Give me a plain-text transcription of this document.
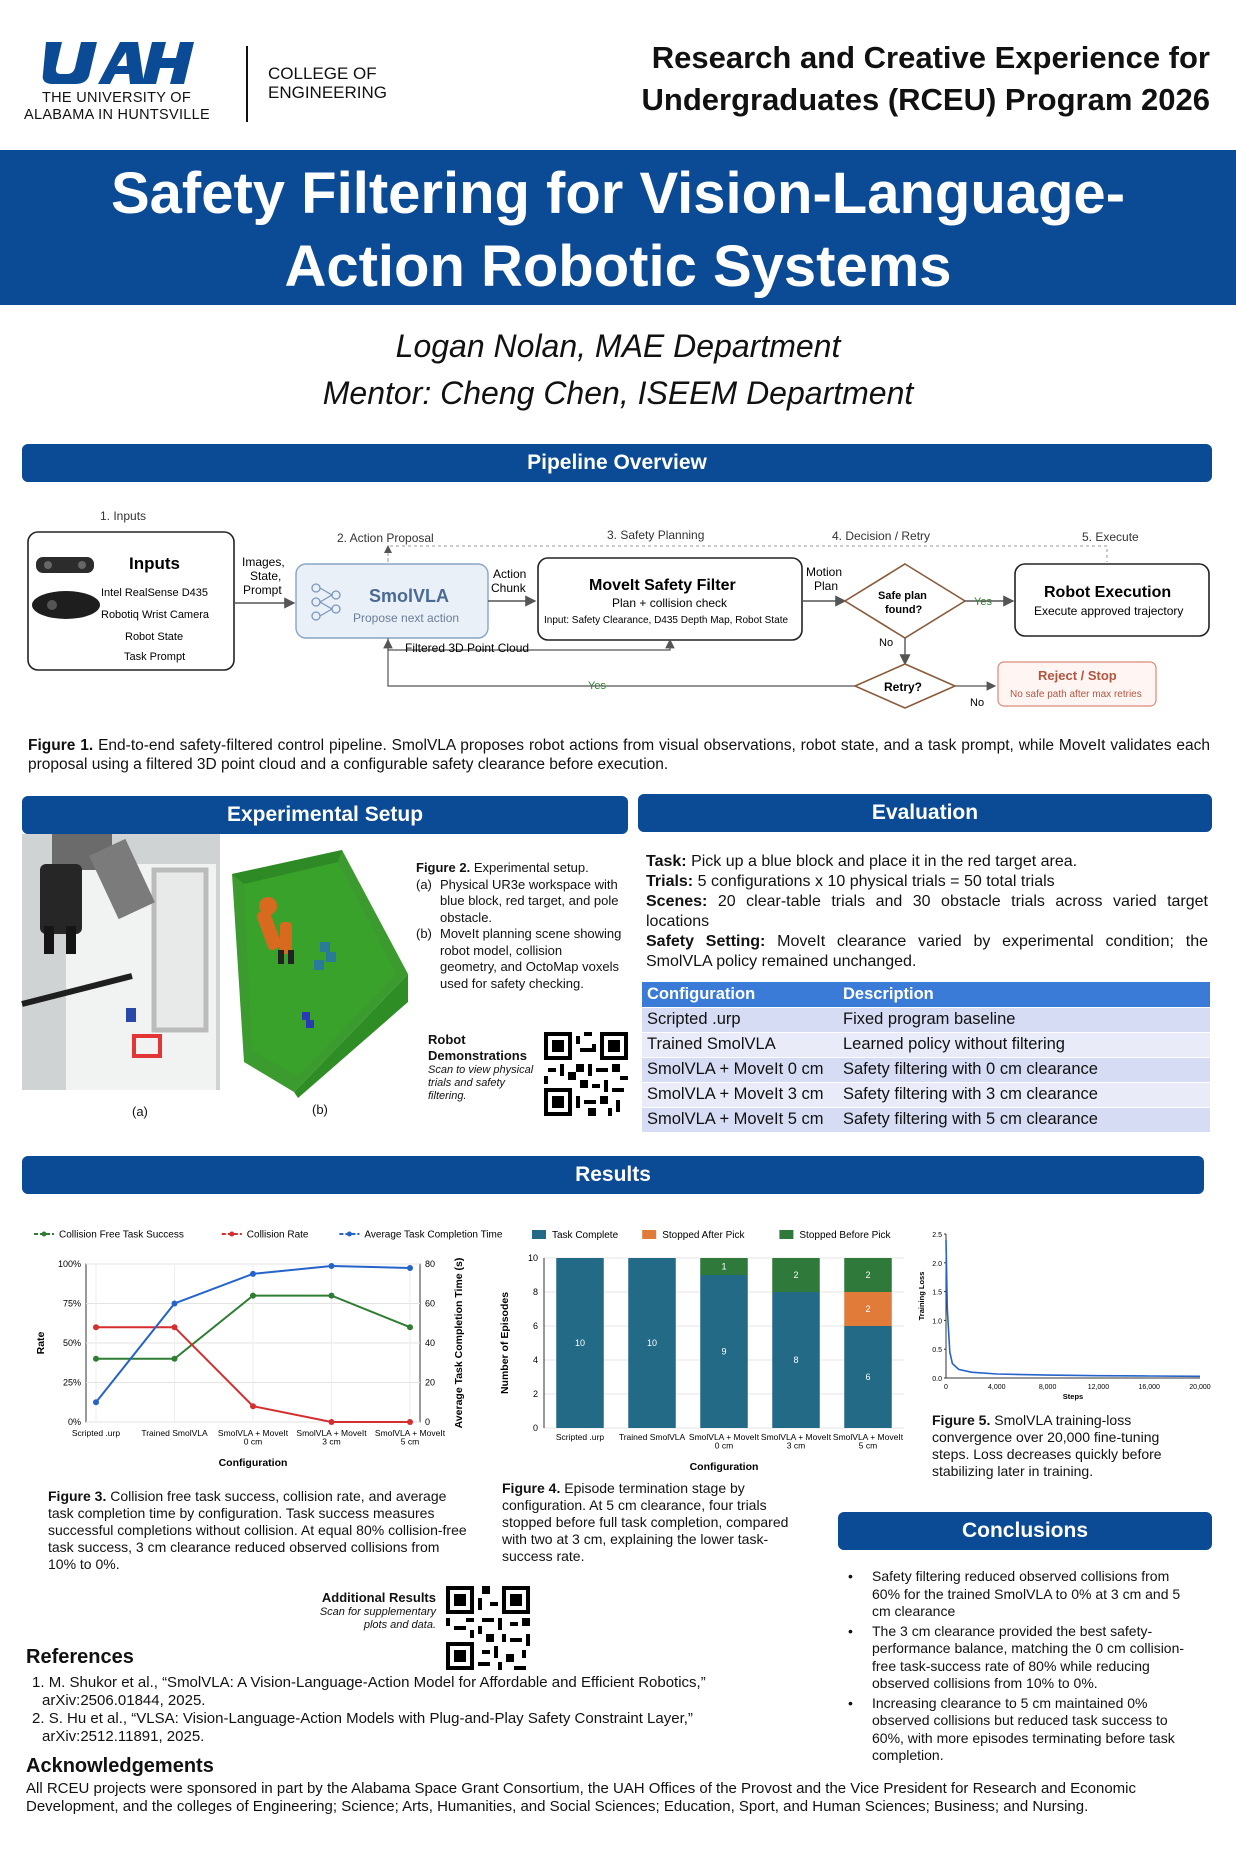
THE UNIVERSITY OF
ALABAMA IN HUNTSVILLE
COLLEGE OF
ENGINEERING
Research and Creative Experience for
Undergraduates (RCEU) Program 2026
Safety Filtering for Vision-Language-
Action Robotic Systems
Logan Nolan, MAE Department
Mentor: Cheng Chen, ISEEM Department
Pipeline Overview
1. Inputs
2. Action Proposal	3. Safety Planning	4. Decision / Retry	5. Execute
Inputs
Intel RealSense D435
Robotiq Wrist Camera
Robot State
Task Prompt
Images,
State,
Prompt	SmolVLA
Propose next action
Action
Chunk	MoveIt Safety Filter
Plan + collision check
Input: Safety Clearance, D435 Depth Map, Robot State
Motion
Plan
Safe plan
found?
Yes
Robot Execution
Execute approved trajectory
No
Filtered 3D Point Cloud
Retry?
Yes
No
Reject / Stop
No safe path after max retries
Figure 1. End-to-end safety-filtered control pipeline. SmolVLA proposes robot actions from visual observations, robot state, and a task prompt, while MoveIt validates each proposal using a filtered 3D point cloud and a configurable safety clearance before execution.
Experimental Setup
(a)	(b)
Figure 2. Experimental setup.
(a) Physical UR3e workspace with blue block, red target, and pole obstacle.
(b) MoveIt planning scene showing robot model, collision geometry, and OctoMap voxels used for safety checking.
Robot Demonstrations
Scan to view physical trials and safety filtering.
Evaluation
Task: Pick up a blue block and place it in the red target area.
Trials: 5 configurations x 10 physical trials = 50 total trials
Scenes: 20 clear-table trials and 30 obstacle trials across varied target locations
Safety Setting: MoveIt clearance varied by experimental condition; the SmolVLA policy remained unchanged.
Configuration	Description
Scripted .urp	Fixed program baseline
Trained SmolVLA	Learned policy without filtering
SmolVLA + MoveIt 0 cm	Safety filtering with 0 cm clearance
SmolVLA + MoveIt 3 cm	Safety filtering with 3 cm clearance
SmolVLA + MoveIt 5 cm	Safety filtering with 5 cm clearance
Results
Collision Free Task Success	Collision Rate	Average Task Completion Time
0%
25%
50%
75%
100%
0
20
40
60
80
Scripted .urp Trained SmolVLA SmolVLA + MoveIt 0 cm
SmolVLA + MoveIt 3 cm
SmolVLA + MoveIt 5 cm
Configuration
Rate	Average Task Completion Time (s)
Task Complete	Stopped After Pick	Stopped Before Pick
0
2
4
6
8
10
10
Scripted .urp
10
Trained SmolVLA
9
1
SmolVLA + MoveIt 0 cm
8
2
SmolVLA + MoveIt 3 cm
6
2
2
SmolVLA + MoveIt 5 cm
Configuration
Number of Episodes	0.0
0.5
1.0
1.5
2.0
2.5
0	4,000	8,000	12,000	16,000	20,000
Steps
Training Loss
Figure 3. Collision free task success, collision rate, and average task completion time by configuration. Task success measures successful completions without collision. At equal 80% collision-free task success, 3 cm clearance reduced observed collisions from 10% to 0%.
Figure 4. Episode termination stage by configuration. At 5 cm clearance, four trials stopped before full task completion, compared with two at 3 cm, explaining the lower task-success rate.
Figure 5. SmolVLA training-loss convergence over 20,000 fine-tuning steps. Loss decreases quickly before stabilizing later in training.
Additional Results
Scan for supplementary plots and data.
Conclusions
• Safety filtering reduced observed collisions from 60% for the trained SmolVLA to 0% at 3 cm and 5 cm clearance
• The 3 cm clearance provided the best safety-performance balance, matching the 0 cm collision-free task-success rate of 80% while reducing observed collisions from 10% to 0%.
• Increasing clearance to 5 cm maintained 0% observed collisions but reduced task success to 60%, with more episodes terminating before task completion.
References
1. M. Shukor et al., “SmolVLA: A Vision-Language-Action Model for Affordable and Efficient Robotics,”
arXiv:2506.01844, 2025.
2. S. Hu et al., “VLSA: Vision-Language-Action Models with Plug-and-Play Safety Constraint Layer,”
arXiv:2512.11891, 2025.
Acknowledgements
All RCEU projects were sponsored in part by the Alabama Space Grant Consortium, the UAH Offices of the Provost and the Vice President for Research and Economic Development, and the colleges of Engineering; Science; Arts, Humanities, and Social Sciences; Education, Sport, and Human Sciences; Business; and Nursing.
